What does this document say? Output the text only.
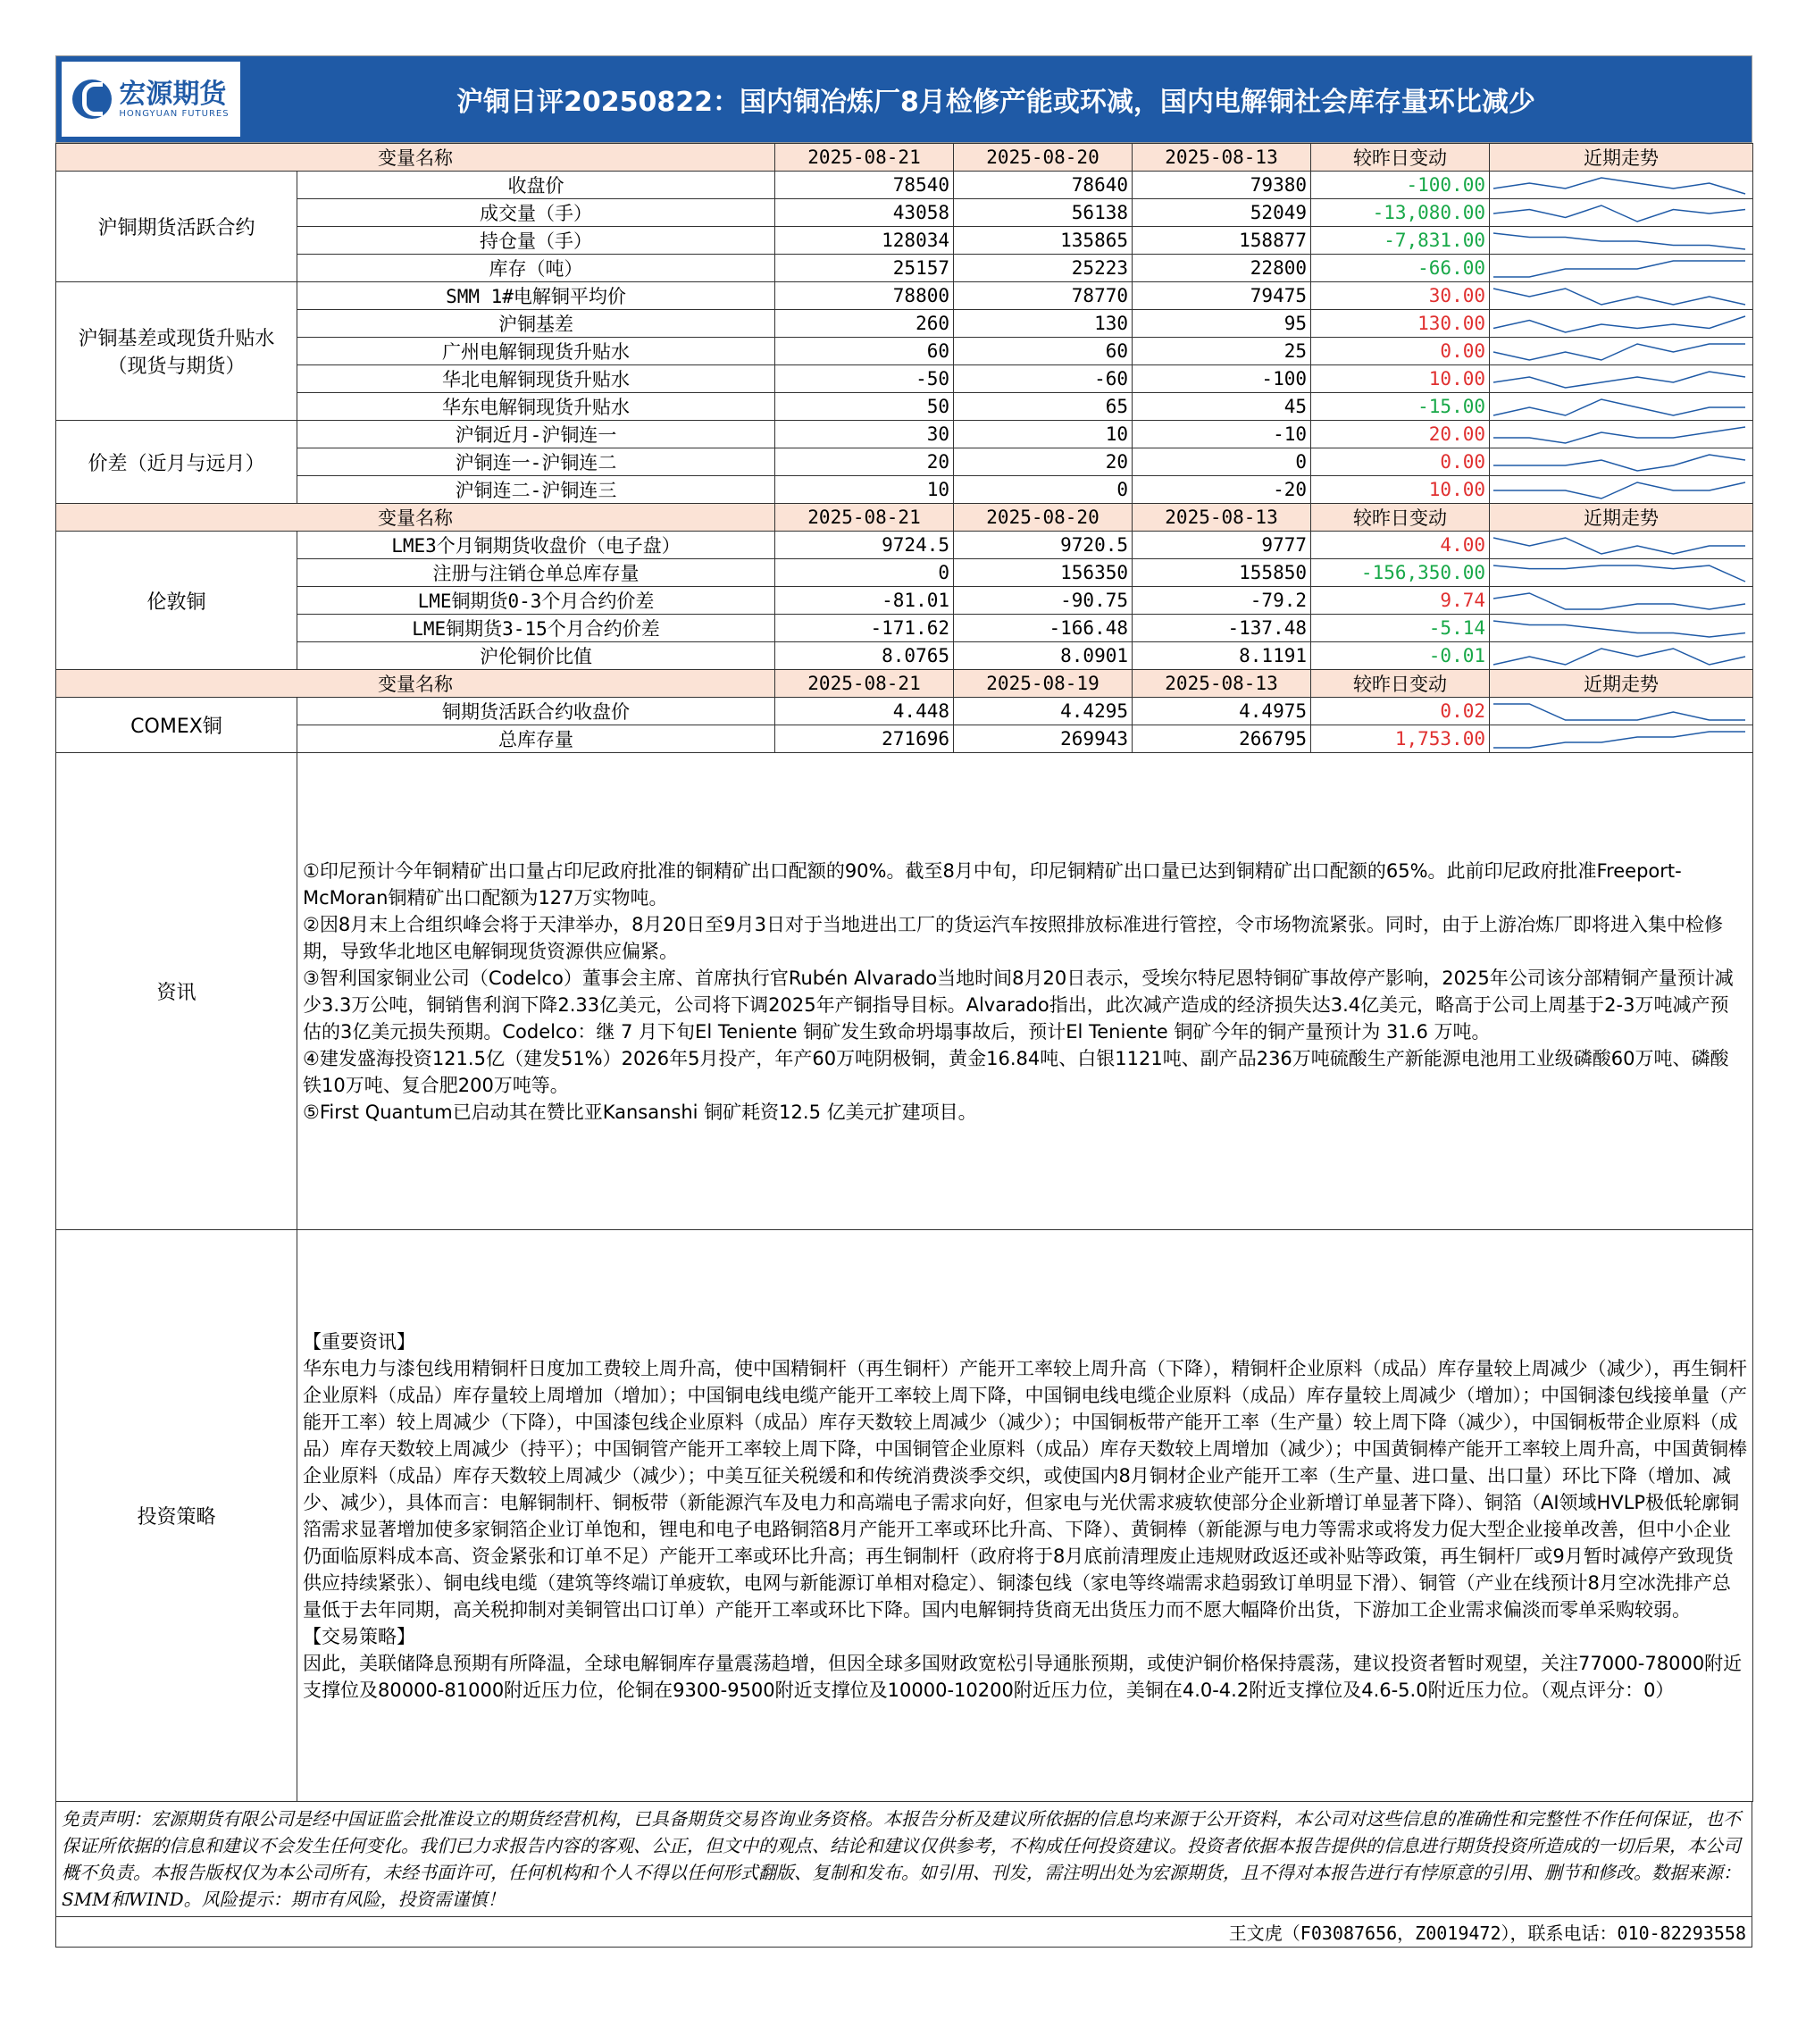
宏源期货
HONGYUAN FUTURES	沪铜日评20250822：国内铜冶炼厂8月检修产能或环减，国内电解铜社会库存量环比减少
变量名称		2025-08-21	2025-08-20	2025-08-13	较昨日变动	近期走势
沪铜期货活跃合约	收盘价	78540	78640	79380	-100.00	

	成交量（手）	43058	56138	52049	-13,080.00	

	持仓量（手）	128034	135865	158877	-7,831.00	

	库存（吨）	25157	25223	22800	-66.00	

沪铜基差或现货升贴水（现货与期货）	SMM 1#电解铜平均价	78800	78770	79475	30.00	

	沪铜基差	260	130	95	130.00	

	广州电解铜现货升贴水	60	60	25	0.00	

	华北电解铜现货升贴水	-50	-60	-100	10.00	

	华东电解铜现货升贴水	50	65	45	-15.00	

价差（近月与远月）	沪铜近月-沪铜连一	30	10	-10	20.00	

	沪铜连一-沪铜连二	20	20	0	0.00	

	沪铜连二-沪铜连三	10	0	-20	10.00	

变量名称		2025-08-21	2025-08-20	2025-08-13	较昨日变动	近期走势
伦敦铜	LME3个月铜期货收盘价（电子盘）	9724.5	9720.5	9777	4.00	

	注册与注销仓单总库存量	0	156350	155850	-156,350.00	

	LME铜期货0-3个月合约价差	-81.01	-90.75	-79.2	9.74	

	LME铜期货3-15个月合约价差	-171.62	-166.48	-137.48	-5.14	

	沪伦铜价比值	8.0765	8.0901	8.1191	-0.01	

变量名称		2025-08-21	2025-08-19	2025-08-13	较昨日变动	近期走势
COMEX铜	铜期货活跃合约收盘价	4.448	4.4295	4.4975	0.02	

	总库存量	271696	269943	266795	1,753.00	

资讯	①印尼预计今年铜精矿出口量占印尼政府批准的铜精矿出口配额的90%。截至8月中旬，印尼铜精矿出口量已达到铜精矿出口配额的65%。此前印尼政府批准Freeport-McMoran铜精矿出口配额为127万实物吨。
②因8月末上合组织峰会将于天津举办，8月20日至9月3日对于当地进出工厂的货运汽车按照排放标准进行管控，令市场物流紧张。同时，由于上游冶炼厂即将进入集中检修期，导致华北地区电解铜现货资源供应偏紧。
③智利国家铜业公司（Codelco）董事会主席、首席执行官Rubén Alvarado当地时间8月20日表示，受埃尔特尼恩特铜矿事故停产影响，2025年公司该分部精铜产量预计减少3.3万公吨，铜销售利润下降2.33亿美元，公司将下调2025年产铜指导目标。Alvarado指出，此次减产造成的经济损失达3.4亿美元，略高于公司上周基于2-3万吨减产预估的3亿美元损失预期。Codelco：继 7 月下旬El Teniente 铜矿发生致命坍塌事故后，预计El Teniente 铜矿今年的铜产量预计为 31.6 万吨。
④建发盛海投资121.5亿（建发51%）2026年5月投产，年产60万吨阴极铜，黄金16.84吨、白银1121吨、副产品236万吨硫酸生产新能源电池用工业级磷酸60万吨、磷酸铁10万吨、复合肥200万吨等。
⑤First Quantum已启动其在赞比亚Kansanshi 铜矿耗资12.5 亿美元扩建项目。					

投资策略	【重要资讯】
华东电力与漆包线用精铜杆日度加工费较上周升高，使中国精铜杆（再生铜杆）产能开工率较上周升高（下降），精铜杆企业原料（成品）库存量较上周减少（减少），再生铜杆企业原料（成品）库存量较上周增加（增加）；中国铜电线电缆产能开工率较上周下降，中国铜电线电缆企业原料（成品）库存量较上周减少（增加）；中国铜漆包线接单量（产能开工率）较上周减少（下降），中国漆包线企业原料（成品）库存天数较上周减少（减少）；中国铜板带产能开工率（生产量）较上周下降（减少），中国铜板带企业原料（成品）库存天数较上周减少（持平）；中国铜管产能开工率较上周下降，中国铜管企业原料（成品）库存天数较上周增加（减少）；中国黄铜棒产能开工率较上周升高，中国黄铜棒企业原料（成品）库存天数较上周减少（减少）；中美互征关税缓和和传统消费淡季交织，或使国内8月铜材企业产能开工率（生产量、进口量、出口量）环比下降（增加、减少、减少），具体而言：电解铜制杆、铜板带（新能源汽车及电力和高端电子需求向好，但家电与光伏需求疲软使部分企业新增订单显著下降）、铜箔（AI领域HVLP极低轮廓铜箔需求显著增加使多家铜箔企业订单饱和，锂电和电子电路铜箔8月产能开工率或环比升高、下降）、黄铜棒（新能源与电力等需求或将发力促大型企业接单改善，但中小企业仍面临原料成本高、资金紧张和订单不足）产能开工率或环比升高；再生铜制杆（政府将于8月底前清理废止违规财政返还或补贴等政策，再生铜杆厂或9月暂时减停产致现货供应持续紧张）、铜电线电缆（建筑等终端订单疲软，电网与新能源订单相对稳定）、铜漆包线（家电等终端需求趋弱致订单明显下滑）、铜管（产业在线预计8月空冰洗排产总量低于去年同期，高关税抑制对美铜管出口订单）产能开工率或环比下降。国内电解铜持货商无出货压力而不愿大幅降价出货，下游加工企业需求偏淡而零单采购较弱。
【交易策略】
因此，美联储降息预期有所降温，全球电解铜库存量震荡趋增，但因全球多国财政宽松引导通胀预期，或使沪铜价格保持震荡，建议投资者暂时观望，关注77000-78000附近支撑位及80000-81000附近压力位，伦铜在9300-9500附近支撑位及10000-10200附近压力位，美铜在4.0-4.2附近支撑位及4.6-5.0附近压力位。（观点评分：0）					
免责声明：宏源期货有限公司是经中国证监会批准设立的期货经营机构，已具备期货交易咨询业务资格。本报告分析及建议所依据的信息均来源于公开资料，本公司对这些信息的准确性和完整性不作任何保证，也不保证所依据的信息和建议不会发生任何变化。我们已力求报告内容的客观、公正，但文中的观点、结论和建议仅供参考，不构成任何投资建议。投资者依据本报告提供的信息进行期货投资所造成的一切后果，本公司概不负责。本报告版权仅为本公司所有，未经书面许可，任何机构和个人不得以任何形式翻版、复制和发布。如引用、刊发，需注明出处为宏源期货，且不得对本报告进行有悖原意的引用、删节和修改。数据来源：SMM和WIND。风险提示：期市有风险，投资需谨慎！
王文虎（F03087656，Z0019472），联系电话：010-82293558
